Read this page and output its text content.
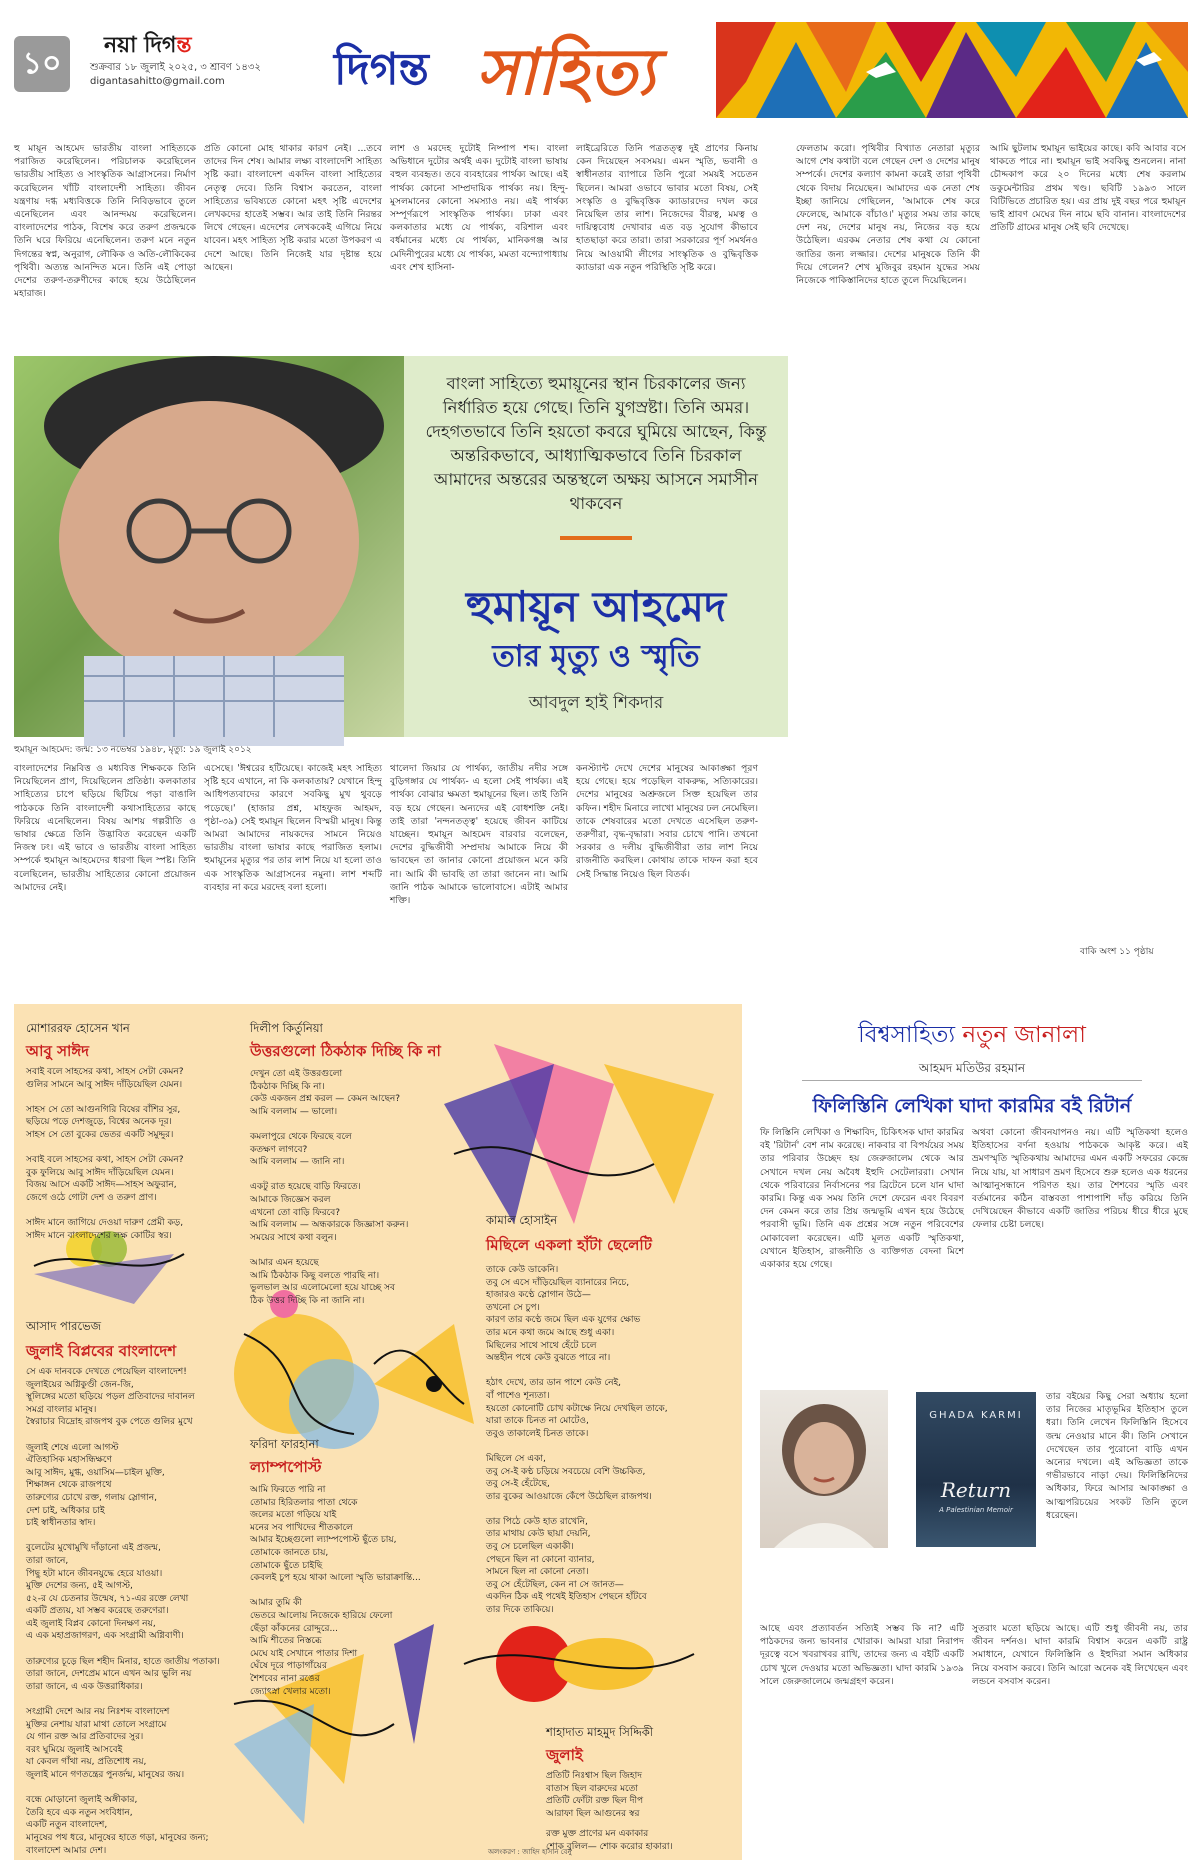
১০ নয়া দিগন্ত
শুক্রবার ১৮ জুলাই ২০২৫, ৩ শ্রাবণ ১৪৩২
digantasahitto@gmail.com দিগন্ত সাহিত্য
হু মায়ূন আহমেদ ভারতীয় বাংলা সাহিত্যকে পরাজিত করেছিলেন। পরিচালক করেছিলেন ভারতীয় সাহিত্য ও সাংস্কৃতিক আগ্রাসনের। নির্মাণ করেছিলেন খাঁটি বাংলাদেশী সাহিত্য। জীবন যন্ত্রণায় দগ্ধ মধ্যবিত্তকে তিনি নিবিড়ভাবে তুলে এনেছিলেন এবং আনন্দময় করেছিলেন। বাংলাদেশের পাঠক, বিশেষ করে তরুণ প্রজন্মকে তিনি ঘরে ফিরিয়ে এনেছিলেন। তরুণ মনে নতুন দিগন্তের স্বপ্ন, অনুরাগ, লৌকিক ও অতি-লৌকিকের পৃথিবী। অত্যন্ত আনন্দিত মনে। তিনি এই পোড়া দেশের তরুণ-তরুণীদের কাছে হয়ে উঠেছিলেন মহারাজ।
প্রতি কোনো মোহ থাকার কারণ নেই। ...তবে তাদের দিন শেষ। আমার লক্ষ্য বাংলাদেশি সাহিত্য সৃষ্টি করা। বাংলাদেশ একদিন বাংলা সাহিত্যের নেতৃত্ব দেবে। তিনি বিশ্বাস করতেন, বাংলা সাহিত্যের ভবিষ্যতে কোনো মহৎ সৃষ্টি এদেশের লেখকদের হাতেই সম্ভব। আর তাই তিনি নিরন্তর লিখে গেছেন। এদেশের লেখককেই এগিয়ে নিয়ে যাবেন। মহৎ সাহিত্য সৃষ্টি করার মতো উপকরণ এ দেশে আছে। তিনি নিজেই যার দৃষ্টান্ত হয়ে আছেন।
লাশ ও মরদেহ দুটোই নিষ্পাপ শব্দ। বাংলা অভিধানে দুটোর অর্থই এক। দুটোই বাংলা ভাষায় বহুল ব্যবহৃত। তবে ব্যবহারের পার্থক্য আছে। এই পার্থক্য কোনো সাম্প্রদায়িক পার্থক্য নয়। হিন্দু-মুসলমানের কোনো সমস্যাও নয়। এই পার্থক্য সম্পূর্ণরূপে সাংস্কৃতিক পার্থক্য। ঢাকা এবং কলকাতার মধ্যে যে পার্থক্য, বরিশাল এবং বর্ধমানের মধ্যে যে পার্থক্য, মানিকগঞ্জ আর মেদিনীপুরের মধ্যে যে পার্থক্য, মমতা বন্দ্যোপাধ্যায় এবং শেখ হাসিনা-
লাইব্রেরিতে তিনি পত্রতত্ত্ব দুই প্রাণের কিনায় কেন দিয়েছেন সবসময়। এমন স্মৃতি, ভবানী ও স্বাধীনতার ব্যাপারে তিনি পুরো সময়ই সচেতন ছিলেন। আমরা ওভাবে ভাবার মতো বিষয়, সেই সংস্কৃতি ও বুদ্ধিবৃত্তিক ক্যাডারদের দখল করে নিয়েছিল তার লাশ। নিজেদের বীরত্ব, মমত্ব ও দায়িত্ববোধ দেখাবার এত বড় সুযোগ কীভাবে হাতছাড়া করে তারা। তারা সরকারের পূর্ণ সমর্থনও নিয়ে আওয়ামী লীগের সাংস্কৃতিক ও বুদ্ধিবৃত্তিক ক্যাডারা এক নতুন পরিস্থিতি সৃষ্টি করে।
ফেলতাম করো। পৃথিবীর বিখ্যাত নেতারা মৃত্যুর আগে শেষ কথাটা বলে গেছেন দেশ ও দেশের মানুষ সম্পর্কে। দেশের কল্যাণ কামনা করেই তারা পৃথিবী থেকে বিদায় নিয়েছেন। আমাদের এক নেতা শেষ ইচ্ছা জানিয়ে গেছিলেন, 'আমাকে শেষ করে ফেলেছে, আমাকে বাঁচাও।' মৃত্যুর সময় তার কাছে দেশ নয়, দেশের মানুষ নয়, নিজের বড় হয়ে উঠেছিল। এরকম নেতার শেষ কথা যে কোনো জাতির জন্য লজ্জার। দেশের মানুষকে তিনি কী দিয়ে গেলেন? শেখ মুজিবুর রহমান যুদ্ধের সময় নিজেকে পাকিস্তানিদের হাতে তুলে দিয়েছিলেন।
আমি ছুটলাম হুমায়ূন ভাইয়ের কাছে। কবি আবার বসে থাকতে পারে না। হুমায়ূন ভাই সবকিছু শুনলেন। নানা চৌদ্দকাপ করে ২০ দিনের মধ্যে শেষ করলাম ডকুমেন্টারির প্রথম খণ্ড। ছবিটি ১৯৯৩ সালে বিটিভিতে প্রচারিত হয়। এর প্রায় দুই বছর পরে হুমায়ূন ভাই শ্রাবণ মেঘের দিন নামে ছবি বানান। বাংলাদেশের প্রতিটি গ্রামের মানুষ সেই ছবি দেখেছে।
বাংলা সাহিত্যে হুমায়ূনের স্থান চিরকালের জন্য নির্ধারিত হয়ে গেছে। তিনি যুগস্রষ্টা। তিনি অমর। দেহগতভাবে তিনি হয়তো কবরে ঘুমিয়ে আছেন, কিন্তু অন্তরিকভাবে, আধ্যাত্মিকভাবে তিনি চিরকাল আমাদের অন্তরের অন্তস্থলে অক্ষয় আসনে সমাসীন থাকবেন
হুমায়ূন আহমেদ
তার মৃত্যু ও স্মৃতি
আবদুল হাই শিকদার
হুমায়ূন আহমেদ: জন্ম: ১৩ নভেম্বর ১৯৪৮, মৃত্যু: ১৯ জুলাই ২০১২
বাংলাদেশের নিম্নবিত্ত ও মধ্যবিত্ত শিক্ষককে তিনি নিয়েছিলেন প্রাণ, দিয়েছিলেন প্রতিষ্ঠা। কলকাতার সাহিত্যের চাপে ছড়িয়ে ছিটিয়ে পড়া বাঙালি পাঠককে তিনি বাংলাদেশী কথাসাহিত্যের কাছে ফিরিয়ে এনেছিলেন। বিষয় আশয় গল্পরীতি ও ভাষার ক্ষেত্রে তিনি উদ্ভাবিত করেছেন একটি নিজস্ব ঢং। এই ভাবে ও ভারতীয় বাংলা সাহিত্য সম্পর্কে হুমায়ূন আহমেদের ধারণা ছিল স্পষ্ট। তিনি বলেছিলেন, ভারতীয় সাহিত্যের কোনো প্রয়োজন আমাদের নেই।
এসেছে। 'ঈশ্বরের হটিয়েছে। কাজেই মহৎ সাহিত্য সৃষ্টি হবে এখানে, না কি কলকাতায়? যেখানে হিন্দু আধিপত্যবাদের কারণে সবকিছু মুখ থুবড়ে পড়েছে।' (হাজার প্রশ্ন, মাহফুজ আহমদ, পৃষ্ঠা-৩৯) সেই হুমায়ূন ছিলেন বিস্ময়ী মানুষ। কিন্তু আমরা আমাদের নায়কদের সামনে নিয়েও ভারতীয় বাংলা ভাষার কাছে পরাজিত হলাম। হুমায়ূনের মৃত্যুর পর তার লাশ নিয়ে যা হলো তাও এক সাংস্কৃতিক আগ্রাসনের নমুনা। লাশ শব্দটি ব্যবহার না করে মরদেহ বলা হলো।
থালেদা জিয়ার যে পার্থক্য, জাতীয় নদীর সঙ্গে বুড়িগঙ্গার যে পার্থক্য- এ হলো সেই পার্থক্য। এই পার্থক্য বোঝার ক্ষমতা হুমায়ূনের ছিল। তাই তিনি বড় হয়ে গেছেন। অন্যদের এই বোধশক্তি নেই। তাই তারা 'নন্দনতত্ত্ব' হয়েছে জীবন কাটিয়ে যাচ্ছেন। হুমায়ূন আহমেদ বারবার বলেছেন, দেশের বুদ্ধিজীবী সম্প্রদায় আমাকে নিয়ে কী ভাবছেন তা জানার কোনো প্রয়োজন মনে করি না। আমি কী ভাবছি তা তারা জানেন না। আমি জানি পাঠক আমাকে ভালোবাসে। এটাই আমার শক্তি।
কনস্ট্যান্ট দেখে দেশের মানুষের আকাঙ্ক্ষা পূরণ হয়ে গেছে। হয়ে পড়েছিল বাকরুদ্ধ, সত্যিকারের। দেশের মানুষের অশ্রুজলে সিক্ত হয়েছিল তার কফিন। শহীদ মিনারে লাখো মানুষের ঢল নেমেছিল। তাকে শেষবারের মতো দেখতে এসেছিল তরুণ-তরুণীরা, বৃদ্ধ-বৃদ্ধারা। সবার চোখে পানি। তখনো সরকার ও দলীয় বুদ্ধিজীবীরা তার লাশ নিয়ে রাজনীতি করছিল। কোথায় তাকে দাফন করা হবে সেই সিদ্ধান্ত নিয়েও ছিল বিতর্ক।
বাকি অংশ ১১ পৃষ্ঠায়
মোশাররফ হোসেন খান
আবু সাঈদ
সবাই বলে সাহসের কথা, সাহস সেটা কেমন?
গুলির সামনে আবু সাঈদ দাঁড়িয়েছিল যেমন।

সাহস সে তো আগুনগিরি বিষের বাঁশির সুর,
ছড়িয়ে পড়ে দেশজুড়ে, বিশ্বের অনেক দূর।
সাহস সে তো বুকের ভেতর একটি সমুদ্দুর।

সবাই বলে সাহসের কথা, সাহস সেটা কেমন?
বুক ফুলিয়ে আবু সাঈদ দাঁড়িয়েছিল যেমন।
বিজয় আসে একটি সাঈদ—সাহস অফুরান,
জেগে ওঠে গোটা দেশ ও তরুণ প্রাণ।

সাঈদ মানে জাগিয়ে দেওয়া দারুণ প্রেমী কড়,
সাঈদ মানে বাংলাদেশের লক্ষ কোটির স্বর।
দিলীপ কির্তুনিয়া
উত্তরগুলো ঠিকঠাক দিচ্ছি কি না
দেখুন তো এই উত্তরগুলো
ঠিকঠাক দিচ্ছি কি না।
কেউ একজন প্রশ্ন করল — কেমন আছেন?
আমি বললাম — ভালো।

কমলাপুরে থেকে ফিরছে বলে
কতক্ষণ লাগবে?
আমি বললাম — জানি না।

একটু রাত হয়েছে বাড়ি ফিরতে।
আমাকে জিজ্ঞেস করল
এখনো তো বাড়ি ফিরবে?
আমি বললাম — অন্ধকারকে জিজ্ঞাসা করুন।
সময়ের সাথে কথা বলুন।

আমার এমন হয়েছে
আমি ঠিকঠাক কিছু বলতে পারছি না।
ভুলভাল আর এলোমেলো হয়ে যাচ্ছে সব
ঠিক উত্তর দিচ্ছি কি না জানি না।
আসাদ পারভেজ
জুলাই বিপ্লবের বাংলাদেশ
সে এক দানবকে দেখতে পেয়েছিল বাংলাদেশ!
জুলাইয়ের অগ্নিকুণ্ডী জেন-জি,
স্থূলিঙ্গের মতো ছড়িয়ে পড়ল প্রতিবাদের দাবানল
সমগ্র বাংলার মানুষ।
স্বৈরাচার বিদ্রোহ রাজপথ বুক পেতে গুলির মুখে

জুলাই শেষে এলো আগস্ট
ঐতিহাসিক মহাসন্ধিক্ষণে
আবু সাঈদ, মুগ্ধ, ওয়াসিম—চাইল মুক্তি,
শিক্ষাঙ্গন থেকে রাজপথে
তারুণ্যের চোখে রক্ত, গলায় স্লোগান,
দেশ চাই, অধিকার চাই
চাই স্বাধীনতার স্বাদ।

বুলেটের মুখোমুখি দাঁড়ানো এই প্রজন্ম,
তারা জানে,
পিছু হটা মানে জীবনযুদ্ধে হেরে যাওয়া।
মুক্তি দেশের জন্য, ৫ই আগস্ট,
৫২-র যে চেতনার উন্মেষ, ৭১-এর রক্তে লেখা
একটি প্রত্যয়, যা সম্ভব করেছে তরুণেরা।
এই জুলাই বিপ্লব কোনো দিনক্ষণ নয়,
এ এক মহাপ্রজাগরণ, এক সংগ্রামী অগ্নিবাণী।

তারুণ্যের চূড়ে ছিল শহীদ মিনার, হাতে জাতীয় পতাকা।
তারা জানে, দেশপ্রেম মানে এখন আর ভুলি নয়
তারা জানে, এ এক উত্তরাধিকার।

সংগ্রামী দেশে আর নয় নিঃশব্দ বাংলাদেশ
মুক্তির নেশায় যারা মাথা তোলে সংগ্রামে
যে গান রক্ত আর প্রতিবাদের সুর।
বরং ঘুমিয়ে জুলাই আসবেই
যা কেবল গাঁথা নয়, প্রতিশোধ নয়,
জুলাই মানে গণতন্ত্রের পুনর্জন্ম, মানুষের জয়।

বন্ধে মোড়ানো জুলাই অঙ্গীকার,
তৈরি হবে এক নতুন সংবিধান,
একটি নতুন বাংলাদেশ,
মানুষের পথ ধরে, মানুষের হাতে গড়া, মানুষের জন্য;
বাংলাদেশ আমার দেশ।
ফরিদা ফারহানা
ল্যাম্পপোস্ট
আমি ফিরতে পারি না
তোমার হিরিতলার পাতা থেকে
জলের মতো গড়িয়ে যাই
মনের সব পাখিদের শীতকালে
আমার ইচ্ছেগুলো ল্যাম্পপোস্ট ছুঁতে চায়,
তোমাকে জানতে চায়,
তোমাকে ছুঁতে চাইছি
কেবলই চুপ হয়ে থাকা আলো স্মৃতি ভারাক্রান্তি...

আমার তুমি কী
ভেতরে আলোয় নিজেকে হারিয়ে ফেলো
ছেঁড়া কাঁকনের রোদ্দুরে...
আমি শীতের নিস্তব্ধে
মেঘে যাই সেখানে পাতার দিশা
ঘেঁষে দূরে পাড়াগাঁয়ের
শৈশবের নানা রঙের
জ্যোৎস্না খেলার মতো।
কামাল হোসাইন
মিছিলে একলা হাঁটা ছেলেটি
তাকে কেউ ডাকেনি।
তবু সে এসে দাঁড়িয়েছিল ব্যানারের নিচে,
হাজারও কণ্ঠে স্লোগান উঠে—
তখনো সে চুপ।
কারণ তার কণ্ঠে জমে ছিল এক যুগের ক্ষোভ
তার মনে কথা জমে আছে শুধু একা।
মিছিলের সাথে সাথে হেঁটে চলে
অন্তহীন পথে কেউ বুঝতে পারে না।

হঠাৎ দেখে, তার ডান পাশে কেউ নেই,
বাঁ পাশেও শূন্যতা।
হয়তো কোনোটি চোখ কটাক্ষে নিয়ে দেখছিল তাকে,
যারা তাকে চিনত না মোটেও,
তবুও তাকালেই চিনত তাকে।

মিছিলে সে একা,
তবু সে-ই কণ্ঠ চড়িয়ে সবচেয়ে বেশি উচ্চকিত,
তবু সে-ই হেঁটেছে,
তার বুকের আওয়াজে কেঁপে উঠেছিল রাজপথ।

তার পিঠে কেউ হাত রাখেনি,
তার মাথায় কেউ ছায়া দেয়নি,
তবু সে চলেছিল একাকী।
পেছনে ছিল না কোনো ব্যানার,
সামনে ছিল না কোনো নেতা।
তবু সে হেঁটেছিল, কেন না সে জানত—
একদিন ঠিক এই পথেই ইতিহাস পেছনে হাঁটবে
তার দিকে তাকিয়ে।
শাহাদাত মাহমুদ সিদ্দিকী
জুলাই
প্রতিটি নিঃশ্বাস ছিল জিহাদ
বাতাস ছিল বারুদের মতো
প্রতিটি ফোঁটা রক্ত ছিল দীপ
আরাফা ছিল আগুনের স্বর
রক্ত মুক্ত প্রাণের মন একাকার
শোক বুলিল— শোক করোর হাকারা।
অলংকরণ : জাহিদ হাসান বেনু
বিশ্বসাহিত্য নতুন জানালা
আহমদ মতিউর রহমান
ফিলিস্তিনি লেখিকা ঘাদা কারমির বই রিটার্ন
ফি লিস্তিনি লেখিকা ও শিক্ষাবিদ, চিকিৎসক ঘাদা কারমির বই 'রিটার্ন' বেশ নাম করেছে। নাকবার বা বিপর্যয়ের সময় তার পরিবার উচ্ছেদ হয় জেরুজালেম থেকে আর সেখানে দখল নেয় অবৈধ ইহুদি সেটেলাররা। সেখান থেকে পরিবারের নির্বাসনের পর ব্রিটেনে চলে যান ঘাদা কারমি। কিন্তু এক সময় তিনি দেশে ফেরেন এবং বিবরণ দেন কেমন করে তার প্রিয় জন্মভূমি এখন হয়ে উঠেছে পরবাসী ভূমি। তিনি এক প্রশ্নের সঙ্গে নতুন পরিবেশের মোকাবেলা করেছেন। এটি মূলত একটি স্মৃতিকথা, যেখানে ইতিহাস, রাজনীতি ও ব্যক্তিগত বেদনা মিশে একাকার হয়ে গেছে।
অথবা কোনো জীবনযাপনও নয়। এটি স্মৃতিকথা হলেও ইতিহাসের বর্ণনা হওয়ায় পাঠককে আকৃষ্ট করে। এই ভ্রমণস্মৃতি স্মৃতিকথায় আমাদের এমন একটি সফরের কেন্দ্রে নিয়ে যায়, যা সাধারণ ভ্রমণ হিসেবে শুরু হলেও এক ধরনের আত্মানুসন্ধানে পরিণত হয়। তার শৈশবের স্মৃতি এবং বর্তমানের কঠিন বাস্তবতা পাশাপাশি দাঁড় করিয়ে তিনি দেখিয়েছেন কীভাবে একটি জাতির পরিচয় ধীরে ধীরে মুছে ফেলার চেষ্টা চলছে।
তার বইয়ের কিছু সেরা অধ্যায় হলো তার নিজের মাতৃভূমির ইতিহাস তুলে ধরা। তিনি লেখেন ফিলিস্তিনি হিসেবে জন্ম নেওয়ার মানে কী। তিনি সেখানে দেখেছেন তার পুরোনো বাড়ি এখন অন্যের দখলে। এই অভিজ্ঞতা তাকে গভীরভাবে নাড়া দেয়। ফিলিস্তিনিদের অধিকার, ফিরে আসার আকাঙ্ক্ষা ও আত্মপরিচয়ের সংকট তিনি তুলে ধরেছেন।
আছে এবং প্রত্যাবর্তন সত্যিই সম্ভব কি না? এটি পাঠকদের জন্য ভাবনার খোরাক। আমরা যারা নিরাপদ দূরত্বে বসে খবরাখবর রাখি, তাদের জন্য এ বইটি একটি চোখ খুলে দেওয়ার মতো অভিজ্ঞতা। ঘাদা কারমি ১৯৩৯ সালে জেরুজালেমে জন্মগ্রহণ করেন।
সুতরাং মতো ছড়িয়ে আছে। এটি শুধু জীবনী নয়, তার জীবন দর্শনও। ঘাদা কারমি বিশ্বাস করেন একটি রাষ্ট্র সমাধানে, যেখানে ফিলিস্তিনি ও ইহুদিরা সমান অধিকার নিয়ে বসবাস করবে। তিনি আরো অনেক বই লিখেছেন এবং লন্ডনে বসবাস করেন।
GHADA KARMI
Return
A Palestinian Memoir
